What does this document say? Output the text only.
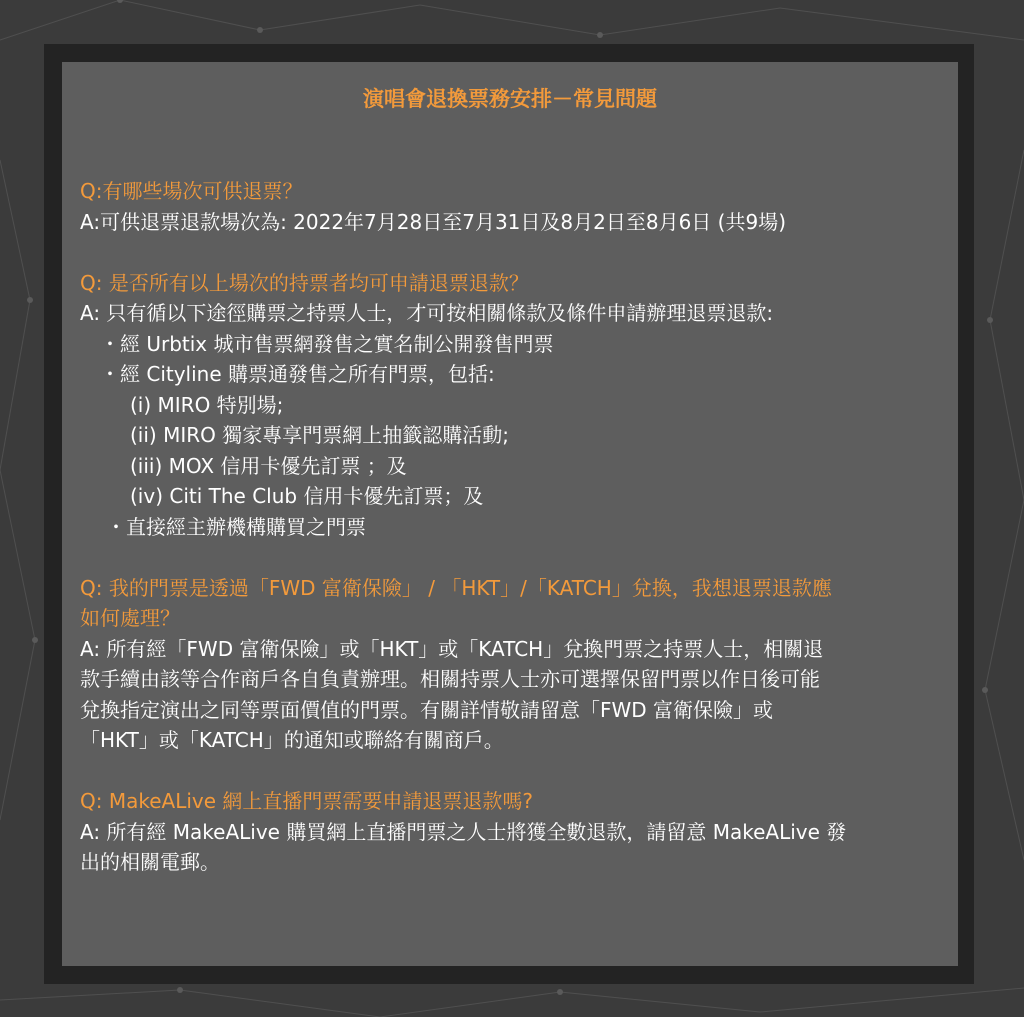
演唱會退換票務安排－常見問題

Q:有哪些場次可供退票？

A:可供退票退款場次為: 2022年7月28日至7月31日及8月2日至8月6日 (共9場)

Q: 是否所有以上場次的持票者均可申請退票退款？

A: 只有循以下途徑購票之持票人士，才可按相關條款及條件申請辦理退票退款:

・經 Urbtix 城市售票網發售之實名制公開發售門票

・經 Cityline 購票通發售之所有門票，包括:

(i) MIRO 特別場;

(ii) MIRO 獨家專享門票網上抽籤認購活動;

(iii) MOX 信用卡優先訂票 ；及

(iv) Citi The Club 信用卡優先訂票；及

・直接經主辦機構購買之門票

Q: 我的門票是透過「FWD 富衛保險」 / 「HKT」/「KATCH」兌換，我想退票退款應

如何處理？

A: 所有經「FWD 富衛保險」或「HKT」或「KATCH」兌換門票之持票人士，相關退

款手續由該等合作商戶各自負責辦理。相關持票人士亦可選擇保留門票以作日後可能

兌換指定演出之同等票面價值的門票。有關詳情敬請留意「FWD 富衛保險」或

「HKT」或「KATCH」的通知或聯絡有關商戶。

Q: MakeALive 網上直播門票需要申請退票退款嗎?

A: 所有經 MakeALive 購買網上直播門票之人士將獲全數退款，請留意 MakeALive 發

出的相關電郵。
